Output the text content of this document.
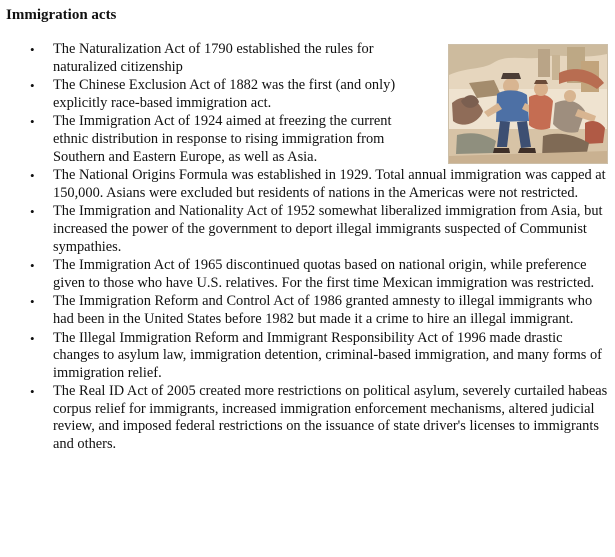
Immigration acts
• The Naturalization Act of 1790 established the rules for naturalized citizenship
• The Chinese Exclusion Act of 1882 was the first (and only) explicitly race-based immigration act.
• The Immigration Act of 1924 aimed at freezing the current ethnic distribution in response to rising immigration from Southern and Eastern Europe, as well as Asia.
• The National Origins Formula was established in 1929. Total annual immigration was capped at 150,000. Asians were excluded but residents of nations in the Americas were not restricted.
• The Immigration and Nationality Act of 1952 somewhat liberalized immigration from Asia, but increased the power of the government to deport illegal immigrants suspected of Communist sympathies.
• The Immigration Act of 1965 discontinued quotas based on national origin, while preference given to those who have U.S. relatives. For the first time Mexican immigration was restricted.
• The Immigration Reform and Control Act of 1986 granted amnesty to illegal immigrants who had been in the United States before 1982 but made it a crime to hire an illegal immigrant.
• The Illegal Immigration Reform and Immigrant Responsibility Act of 1996 made drastic changes to asylum law, immigration detention, criminal-based immigration, and many forms of immigration relief.
• The Real ID Act of 2005 created more restrictions on political asylum, severely curtailed habeas corpus relief for immigrants, increased immigration enforcement mechanisms, altered judicial review, and imposed federal restrictions on the issuance of state driver's licenses to immigrants and others.
